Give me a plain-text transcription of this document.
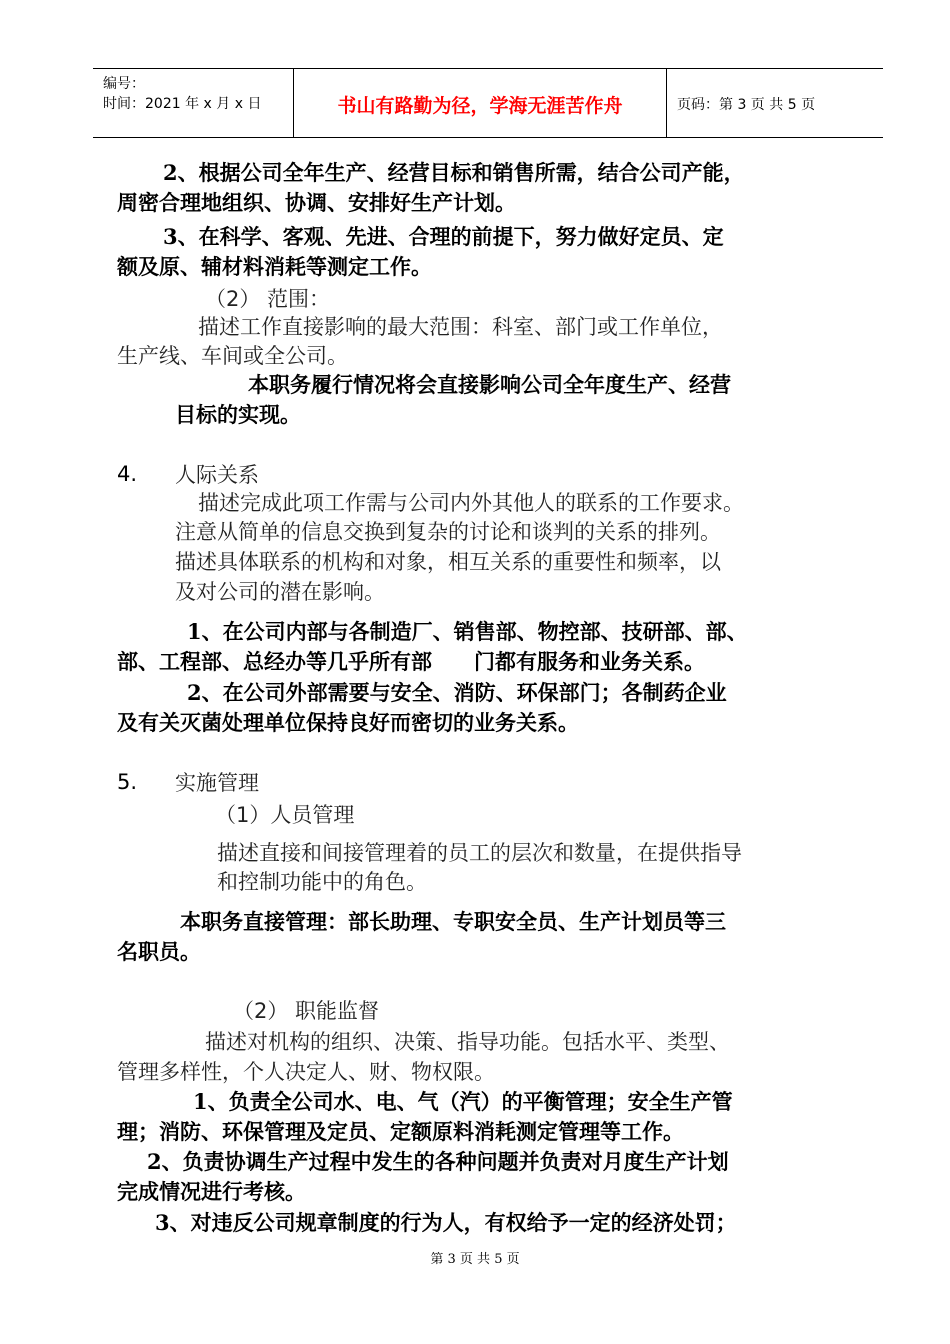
编号：
时间：2021 年 x 月 x 日	书山有路勤为径，学海无涯苦作舟	页码：第 3 页 共 5 页
2、根据公司全年生产、经营目标和销售所需，结合公司产能，
周密合理地组织、协调、安排好生产计划。
3、在科学、客观、先进、合理的前提下，努力做好定员、定
额及原、辅材料消耗等测定工作。
（2） 范围：
描述工作直接影响的最大范围：科室、部门或工作单位，
生产线、车间或全公司。
本职务履行情况将会直接影响公司全年度生产、经营
目标的实现。
4. 人际关系
描述完成此项工作需与公司内外其他人的联系的工作要求。
注意从简单的信息交换到复杂的讨论和谈判的关系的排列。
描述具体联系的机构和对象，相互关系的重要性和频率，以
及对公司的潜在影响。
1、在公司内部与各制造厂、销售部、物控部、技研部、部、
部、工程部、总经办等几乎所有部　　门都有服务和业务关系。
2、在公司外部需要与安全、消防、环保部门；各制药企业
及有关灭菌处理单位保持良好而密切的业务关系。
5. 实施管理
（1）人员管理
描述直接和间接管理着的员工的层次和数量，在提供指导
和控制功能中的角色。
本职务直接管理：部长助理、专职安全员、生产计划员等三
名职员。
（2） 职能监督
描述对机构的组织、决策、指导功能。包括水平、类型、
管理多样性，个人决定人、财、物权限。
1、负责全公司水、电、气（汽）的平衡管理；安全生产管
理；消防、环保管理及定员、定额原料消耗测定管理等工作。
2、负责协调生产过程中发生的各种问题并负责对月度生产计划
完成情况进行考核。
3、对违反公司规章制度的行为人，有权给予一定的经济处罚；
第 3 页 共 5 页
